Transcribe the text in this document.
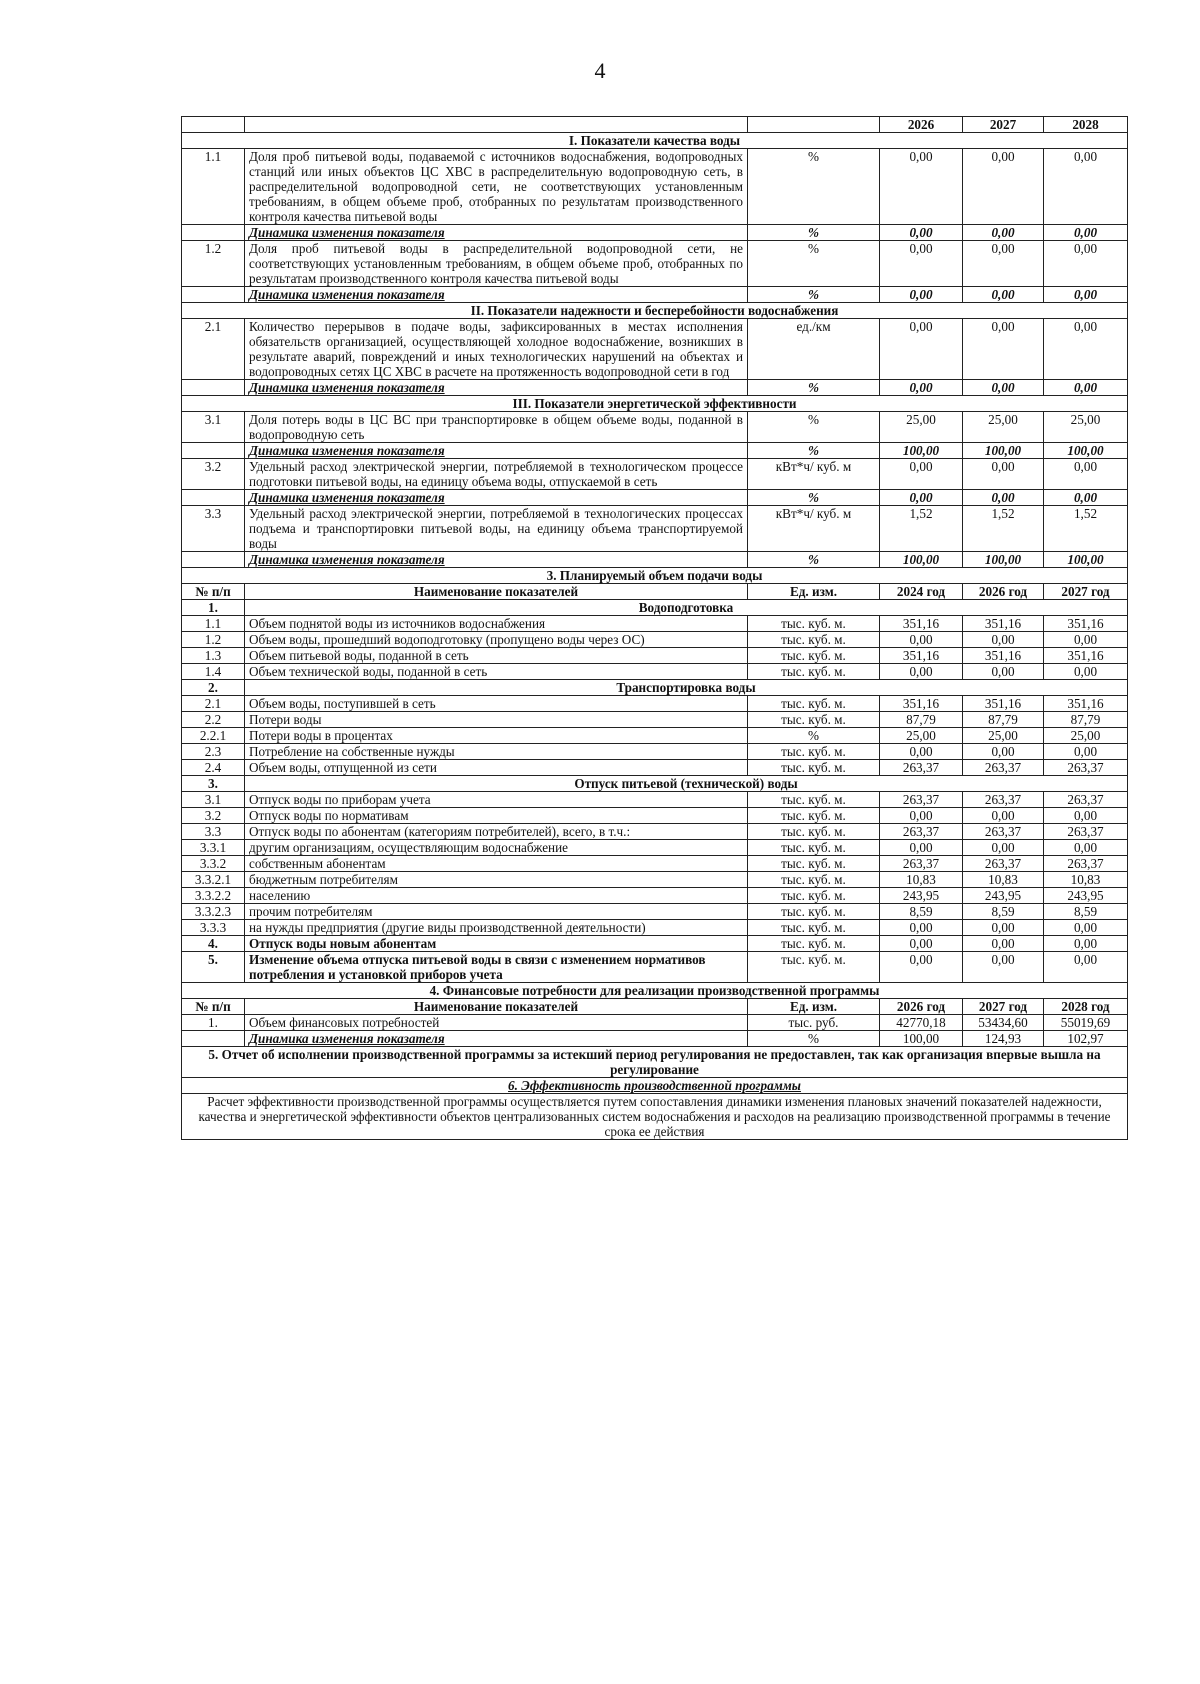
4
			2026	2027	2028
I. Показатели качества воды					
1.1	Доля проб питьевой воды, подаваемой с источников водоснабжения, водопроводных станций или иных объектов ЦС ХВС в распределительную водопроводную сеть, в распределительной водопроводной сети, не соответствующих установленным требованиям, в общем объеме проб, отобранных по результатам производственного контроля качества питьевой воды	%	0,00	0,00	0,00
	Динамика изменения показателя	%	0,00	0,00	0,00
1.2	Доля проб питьевой воды в распределительной водопроводной сети, не соответствующих установленным требованиям, в общем объеме проб, отобранных по результатам производственного контроля качества питьевой воды	%	0,00	0,00	0,00
	Динамика изменения показателя	%	0,00	0,00	0,00
II. Показатели надежности и бесперебойности водоснабжения					
2.1	Количество перерывов в подаче воды, зафиксированных в местах исполнения обязательств организацией, осуществляющей холодное водоснабжение, возникших в результате аварий, повреждений и иных технологических нарушений на объектах и водопроводных сетях ЦС ХВС в расчете на протяженность водопроводной сети в год	ед./км	0,00	0,00	0,00
	Динамика изменения показателя	%	0,00	0,00	0,00
III. Показатели энергетической эффективности					
3.1	Доля потерь воды в ЦС ВС при транспортировке в общем объеме воды, поданной в водопроводную сеть	%	25,00	25,00	25,00
	Динамика изменения показателя	%	100,00	100,00	100,00
3.2	Удельный расход электрической энергии, потребляемой в технологическом процессе подготовки питьевой воды, на единицу объема воды, отпускаемой в сеть	кВт*ч/ куб. м	0,00	0,00	0,00
	Динамика изменения показателя	%	0,00	0,00	0,00
3.3	Удельный расход электрической энергии, потребляемой в технологических процессах подъема и транспортировки питьевой воды, на единицу объема транспортируемой воды	кВт*ч/ куб. м	1,52	1,52	1,52
	Динамика изменения показателя	%	100,00	100,00	100,00
3. Планируемый объем подачи воды					
№ п/п	Наименование показателей	Ед. изм.	2024 год	2026 год	2027 год
1.	Водоподготовка				
1.1	Объем поднятой воды из источников водоснабжения	тыс. куб. м.	351,16	351,16	351,16
1.2	Объем воды, прошедший водоподготовку (пропущено воды через ОС)	тыс. куб. м.	0,00	0,00	0,00
1.3	Объем питьевой воды, поданной в сеть	тыс. куб. м.	351,16	351,16	351,16
1.4	Объем технической воды, поданной в сеть	тыс. куб. м.	0,00	0,00	0,00
2.	Транспортировка воды				
2.1	Объем воды, поступившей в сеть	тыс. куб. м.	351,16	351,16	351,16
2.2	Потери воды	тыс. куб. м.	87,79	87,79	87,79
2.2.1	Потери воды в процентах	%	25,00	25,00	25,00
2.3	Потребление на собственные нужды	тыс. куб. м.	0,00	0,00	0,00
2.4	Объем воды, отпущенной из сети	тыс. куб. м.	263,37	263,37	263,37
3.	Отпуск питьевой (технической) воды				
3.1	Отпуск воды по приборам учета	тыс. куб. м.	263,37	263,37	263,37
3.2	Отпуск воды по нормативам	тыс. куб. м.	0,00	0,00	0,00
3.3	Отпуск воды по абонентам (категориям потребителей), всего, в т.ч.:	тыс. куб. м.	263,37	263,37	263,37
3.3.1	другим организациям, осуществляющим водоснабжение	тыс. куб. м.	0,00	0,00	0,00
3.3.2	собственным абонентам	тыс. куб. м.	263,37	263,37	263,37
3.3.2.1	бюджетным потребителям	тыс. куб. м.	10,83	10,83	10,83
3.3.2.2	населению	тыс. куб. м.	243,95	243,95	243,95
3.3.2.3	прочим потребителям	тыс. куб. м.	8,59	8,59	8,59
3.3.3	на нужды предприятия (другие виды производственной деятельности)	тыс. куб. м.	0,00	0,00	0,00
4.	Отпуск воды новым абонентам	тыс. куб. м.	0,00	0,00	0,00
5.	Изменение объема отпуска питьевой воды в связи с изменением нормативов потребления и установкой приборов учета	тыс. куб. м.	0,00	0,00	0,00
4. Финансовые потребности для реализации производственной программы					
№ п/п	Наименование показателей	Ед. изм.	2026 год	2027 год	2028 год
1.	Объем финансовых потребностей	тыс. руб.	42770,18	53434,60	55019,69
	Динамика изменения показателя	%	100,00	124,93	102,97
5. Отчет об исполнении производственной программы за истекший период регулирования не предоставлен, так как организация впервые вышла на регулирование					
6. Эффективность производственной программы					
Расчет эффективности производственной программы осуществляется путем сопоставления динамики изменения плановых значений показателей надежности, качества и энергетической эффективности объектов централизованных систем водоснабжения и расходов на реализацию производственной программы в течение срока ее действия					
